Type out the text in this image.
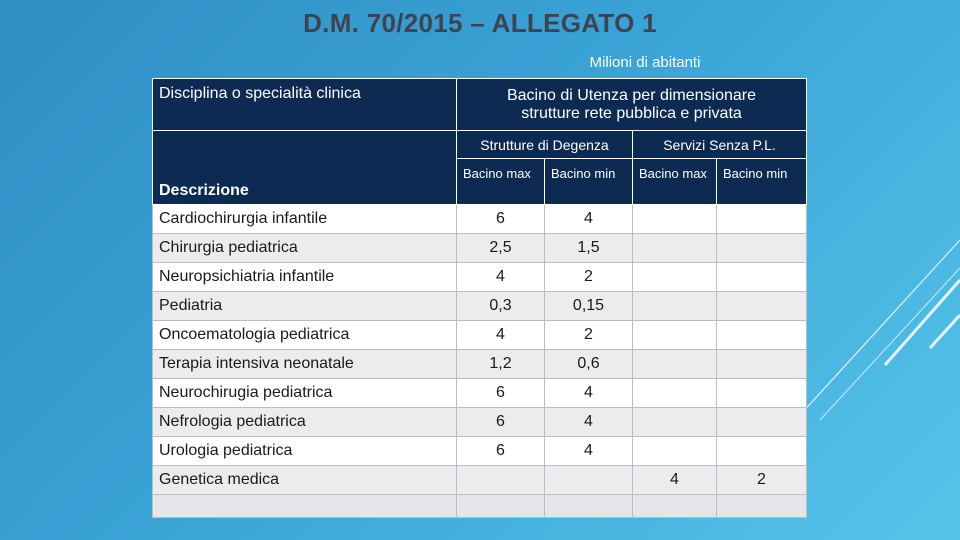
D.M. 70/2015 – ALLEGATO 1
Milioni di abitanti
Disciplina o specialità clinica	Bacino di Utenza per dimensionare strutture rete pubblica e privata			
Descrizione	Strutture di Degenza		Servizi Senza P.L.	
	Bacino max	Bacino min	Bacino max	Bacino min
Cardiochirurgia infantile	6	4		
Chirurgia pediatrica	2,5	1,5		
Neuropsichiatria infantile	4	2		
Pediatria	0,3	0,15		
Oncoematologia pediatrica	4	2		
Terapia intensiva neonatale	1,2	0,6		
Neurochirugia pediatrica	6	4		
Nefrologia pediatrica	6	4		
Urologia pediatrica	6	4		
Genetica medica			4	2
